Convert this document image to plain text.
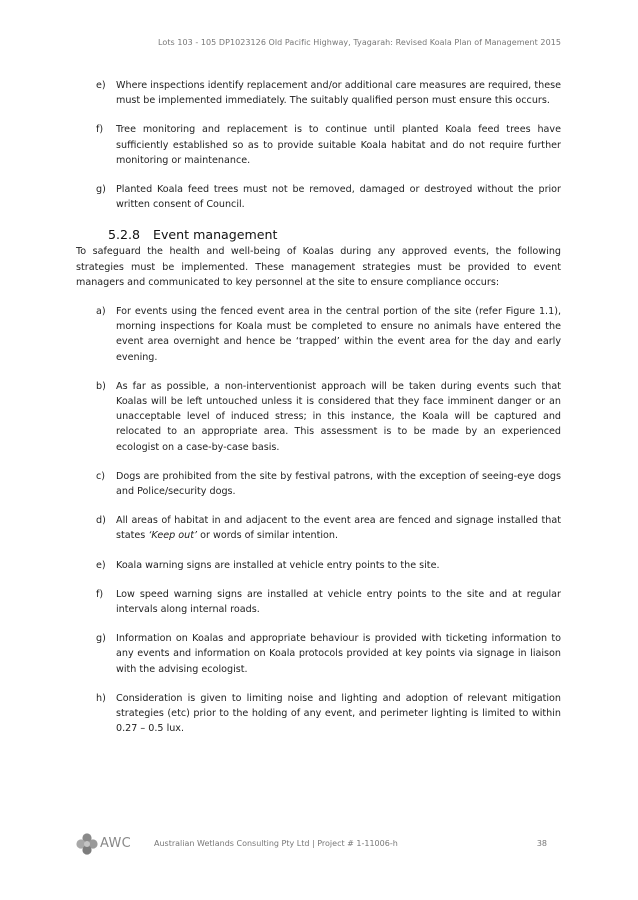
Lots 103 - 105 DP1023126 Old Pacific Highway, Tyagarah: Revised Koala Plan of Management 2015
e) Where inspections identify replacement and/or additional care measures are required, these must be implemented immediately. The suitably qualified person must ensure this occurs.
f) Tree monitoring and replacement is to continue until planted Koala feed trees have sufficiently established so as to provide suitable Koala habitat and do not require further monitoring or maintenance.
g) Planted Koala feed trees must not be removed, damaged or destroyed without the prior written consent of Council.
5.2.8 Event management
To safeguard the health and well-being of Koalas during any approved events, the following strategies must be implemented. These management strategies must be provided to event managers and communicated to key personnel at the site to ensure compliance occurs:
a) For events using the fenced event area in the central portion of the site (refer Figure 1.1), morning inspections for Koala must be completed to ensure no animals have entered the event area overnight and hence be ‘trapped’ within the event area for the day and early evening.
b) As far as possible, a non-interventionist approach will be taken during events such that Koalas will be left untouched unless it is considered that they face imminent danger or an unacceptable level of induced stress; in this instance, the Koala will be captured and relocated to an appropriate area. This assessment is to be made by an experienced ecologist on a case-by-case basis.
c) Dogs are prohibited from the site by festival patrons, with the exception of seeing-eye dogs and Police/security dogs.
d) All areas of habitat in and adjacent to the event area are fenced and signage installed that states ‘Keep out’ or words of similar intention.
e) Koala warning signs are installed at vehicle entry points to the site.
f) Low speed warning signs are installed at vehicle entry points to the site and at regular intervals along internal roads.
g) Information on Koalas and appropriate behaviour is provided with ticketing information to any events and information on Koala protocols provided at key points via signage in liaison with the advising ecologist.
h) Consideration is given to limiting noise and lighting and adoption of relevant mitigation strategies (etc) prior to the holding of any event, and perimeter lighting is limited to within 0.27 – 0.5 lux.
AWC	Australian Wetlands Consulting Pty Ltd | Project # 1-11006-h	38
